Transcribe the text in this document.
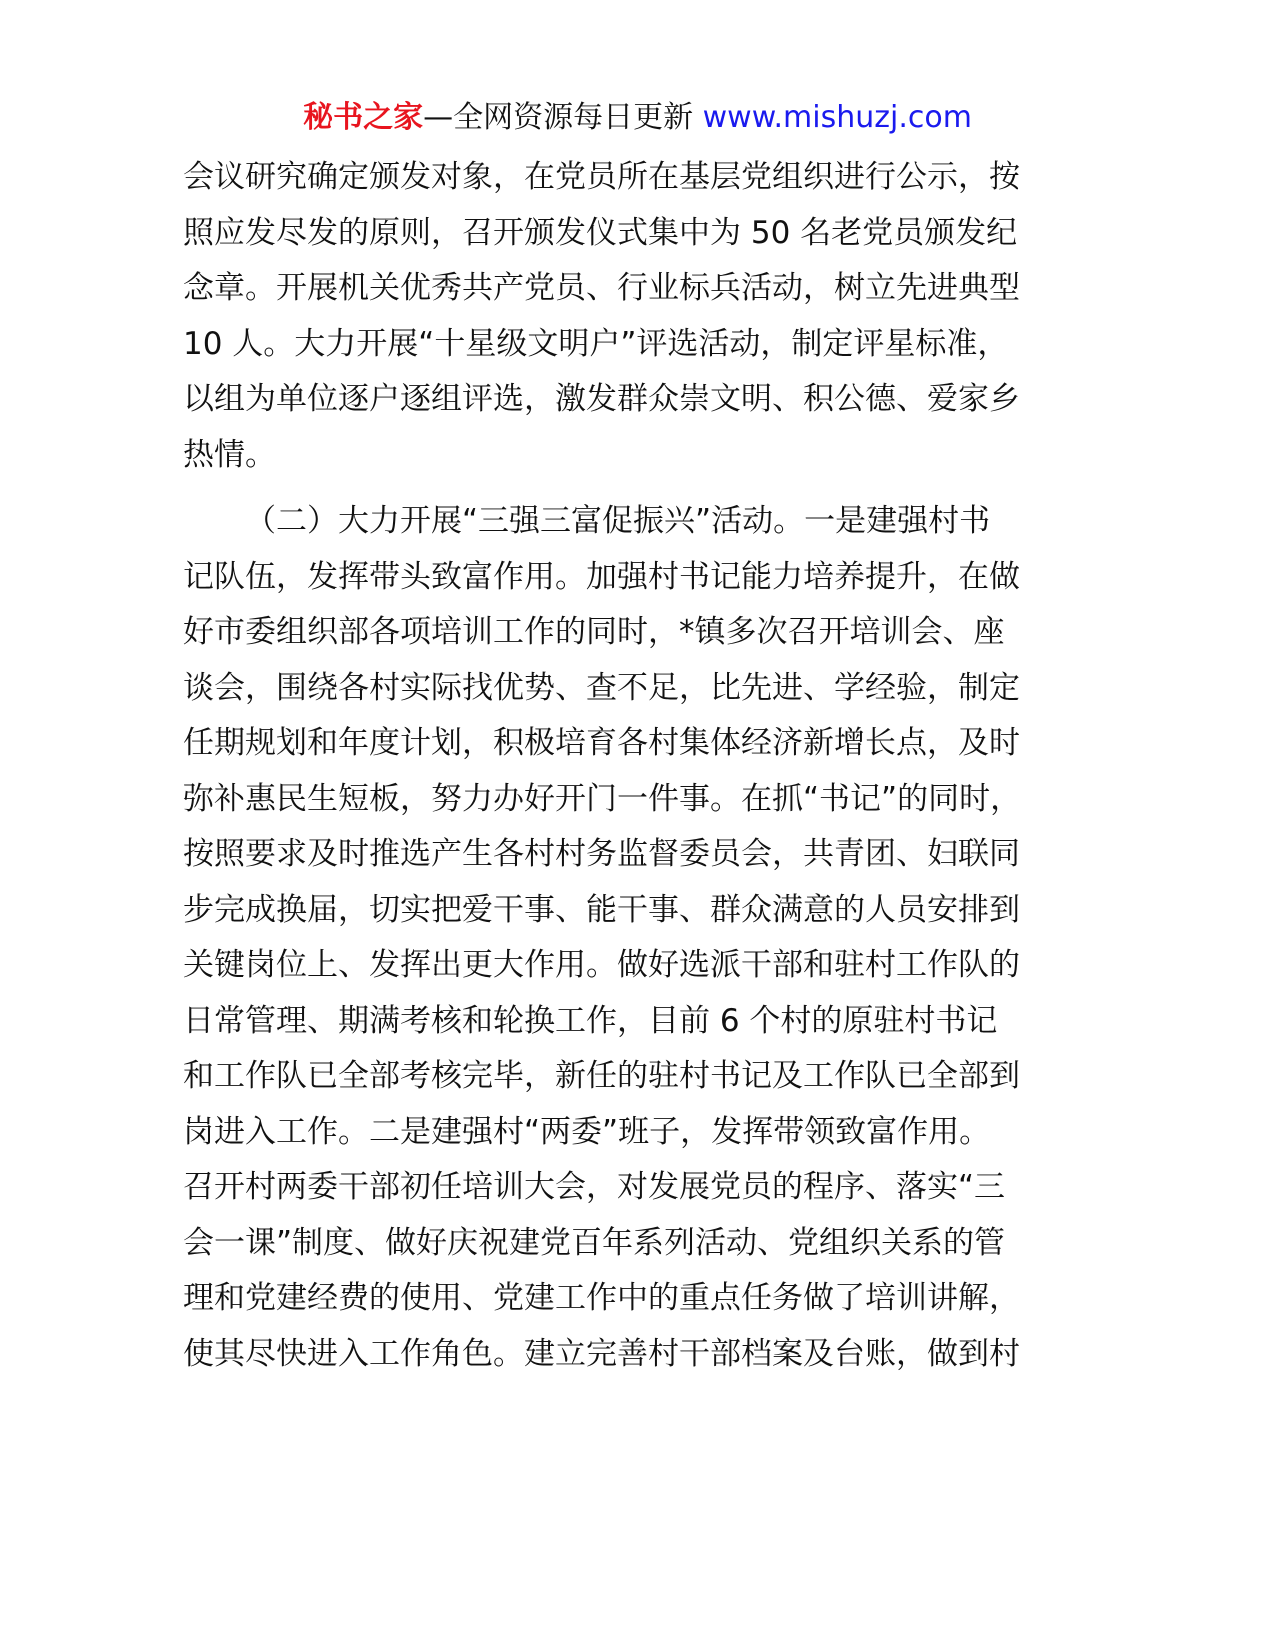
秘书之家—全网资源每日更新 www.mishuzj.com
会议研究确定颁发对象，在党员所在基层党组织进行公示，按
照应发尽发的原则，召开颁发仪式集中为 50 名老党员颁发纪
念章。开展机关优秀共产党员、行业标兵活动，树立先进典型
10 人。大力开展“十星级文明户”评选活动，制定评星标准，
以组为单位逐户逐组评选，激发群众崇文明、积公德、爱家乡
热情。
（二）大力开展“三强三富促振兴”活动。一是建强村书
记队伍，发挥带头致富作用。加强村书记能力培养提升，在做
好市委组织部各项培训工作的同时，*镇多次召开培训会、座
谈会，围绕各村实际找优势、查不足，比先进、学经验，制定
任期规划和年度计划，积极培育各村集体经济新增长点，及时
弥补惠民生短板，努力办好开门一件事。在抓“书记”的同时，
按照要求及时推选产生各村村务监督委员会，共青团、妇联同
步完成换届，切实把爱干事、能干事、群众满意的人员安排到
关键岗位上、发挥出更大作用。做好选派干部和驻村工作队的
日常管理、期满考核和轮换工作，目前 6 个村的原驻村书记
和工作队已全部考核完毕，新任的驻村书记及工作队已全部到
岗进入工作。二是建强村“两委”班子，发挥带领致富作用。
召开村两委干部初任培训大会，对发展党员的程序、落实“三
会一课”制度、做好庆祝建党百年系列活动、党组织关系的管
理和党建经费的使用、党建工作中的重点任务做了培训讲解，
使其尽快进入工作角色。建立完善村干部档案及台账，做到村
